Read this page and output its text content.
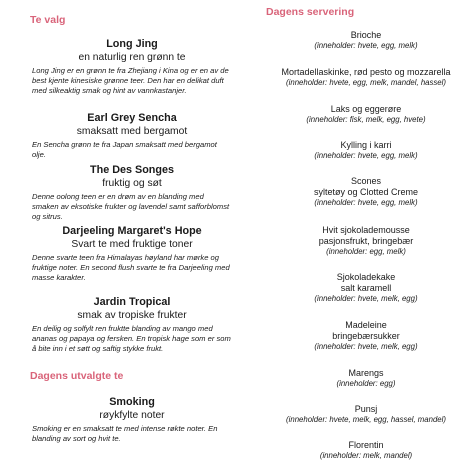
Te valg
Long Jing
en naturlig ren grønn te
Long Jing er en grønn te fra Zhejiang i Kina og er en av de best kjente kinesiske grønne teer. Den har en delikat duft med silkeaktig smak og hint av vannkastanjer.
Earl Grey Sencha
smaksatt med bergamot
En Sencha grønn te fra Japan smaksatt med bergamot olje.
The Des Songes
fruktig og søt
Denne oolong teen er en drøm av en blanding med smaken av eksotiske frukter og lavendel samt safforblomst og sitrus.
Darjeeling Margaret's Hope
Svart te med fruktige toner
Denne svarte teen fra Himalayas høyland har mørke og fruktige noter. En second flush svarte te fra Darjeeling med masse karakter.
Jardin Tropical
smak av tropiske frukter
En deilig og solfylt ren fruktte blanding av mango med ananas og papaya og fersken. En tropisk hage som er som å bite inn i et søtt og saftig stykke frukt.
Dagens utvalgte te
Smoking
røykfylte noter
Smoking er en smaksatt te med intense røkte noter. En blanding av sort og hvit te.
Dagens servering
Brioche
(inneholder: hvete, egg, melk)
Mortadellaskinke, rød pesto og mozzarella
(inneholder: hvete, egg, melk, mandel, hassel)
Laks og eggerøre
(inneholder: fisk, melk, egg, hvete)
Kylling i karri
(inneholder: hvete, egg, melk)
Scones
syltetøy og Clotted Creme
(inneholder: hvete, egg, melk)
Hvit sjokolademousse
pasjonsfrukt, bringebær
(inneholder: egg, melk)
Sjokoladekake
salt karamell
(inneholder: hvete, melk, egg)
Madeleine
bringebærsukker
(inneholder: hvete, melk, egg)
Marengs
(inneholder: egg)
Punsj
(inneholder: hvete, melk, egg, hassel, mandel)
Florentin
(inneholder: melk, mandel)
